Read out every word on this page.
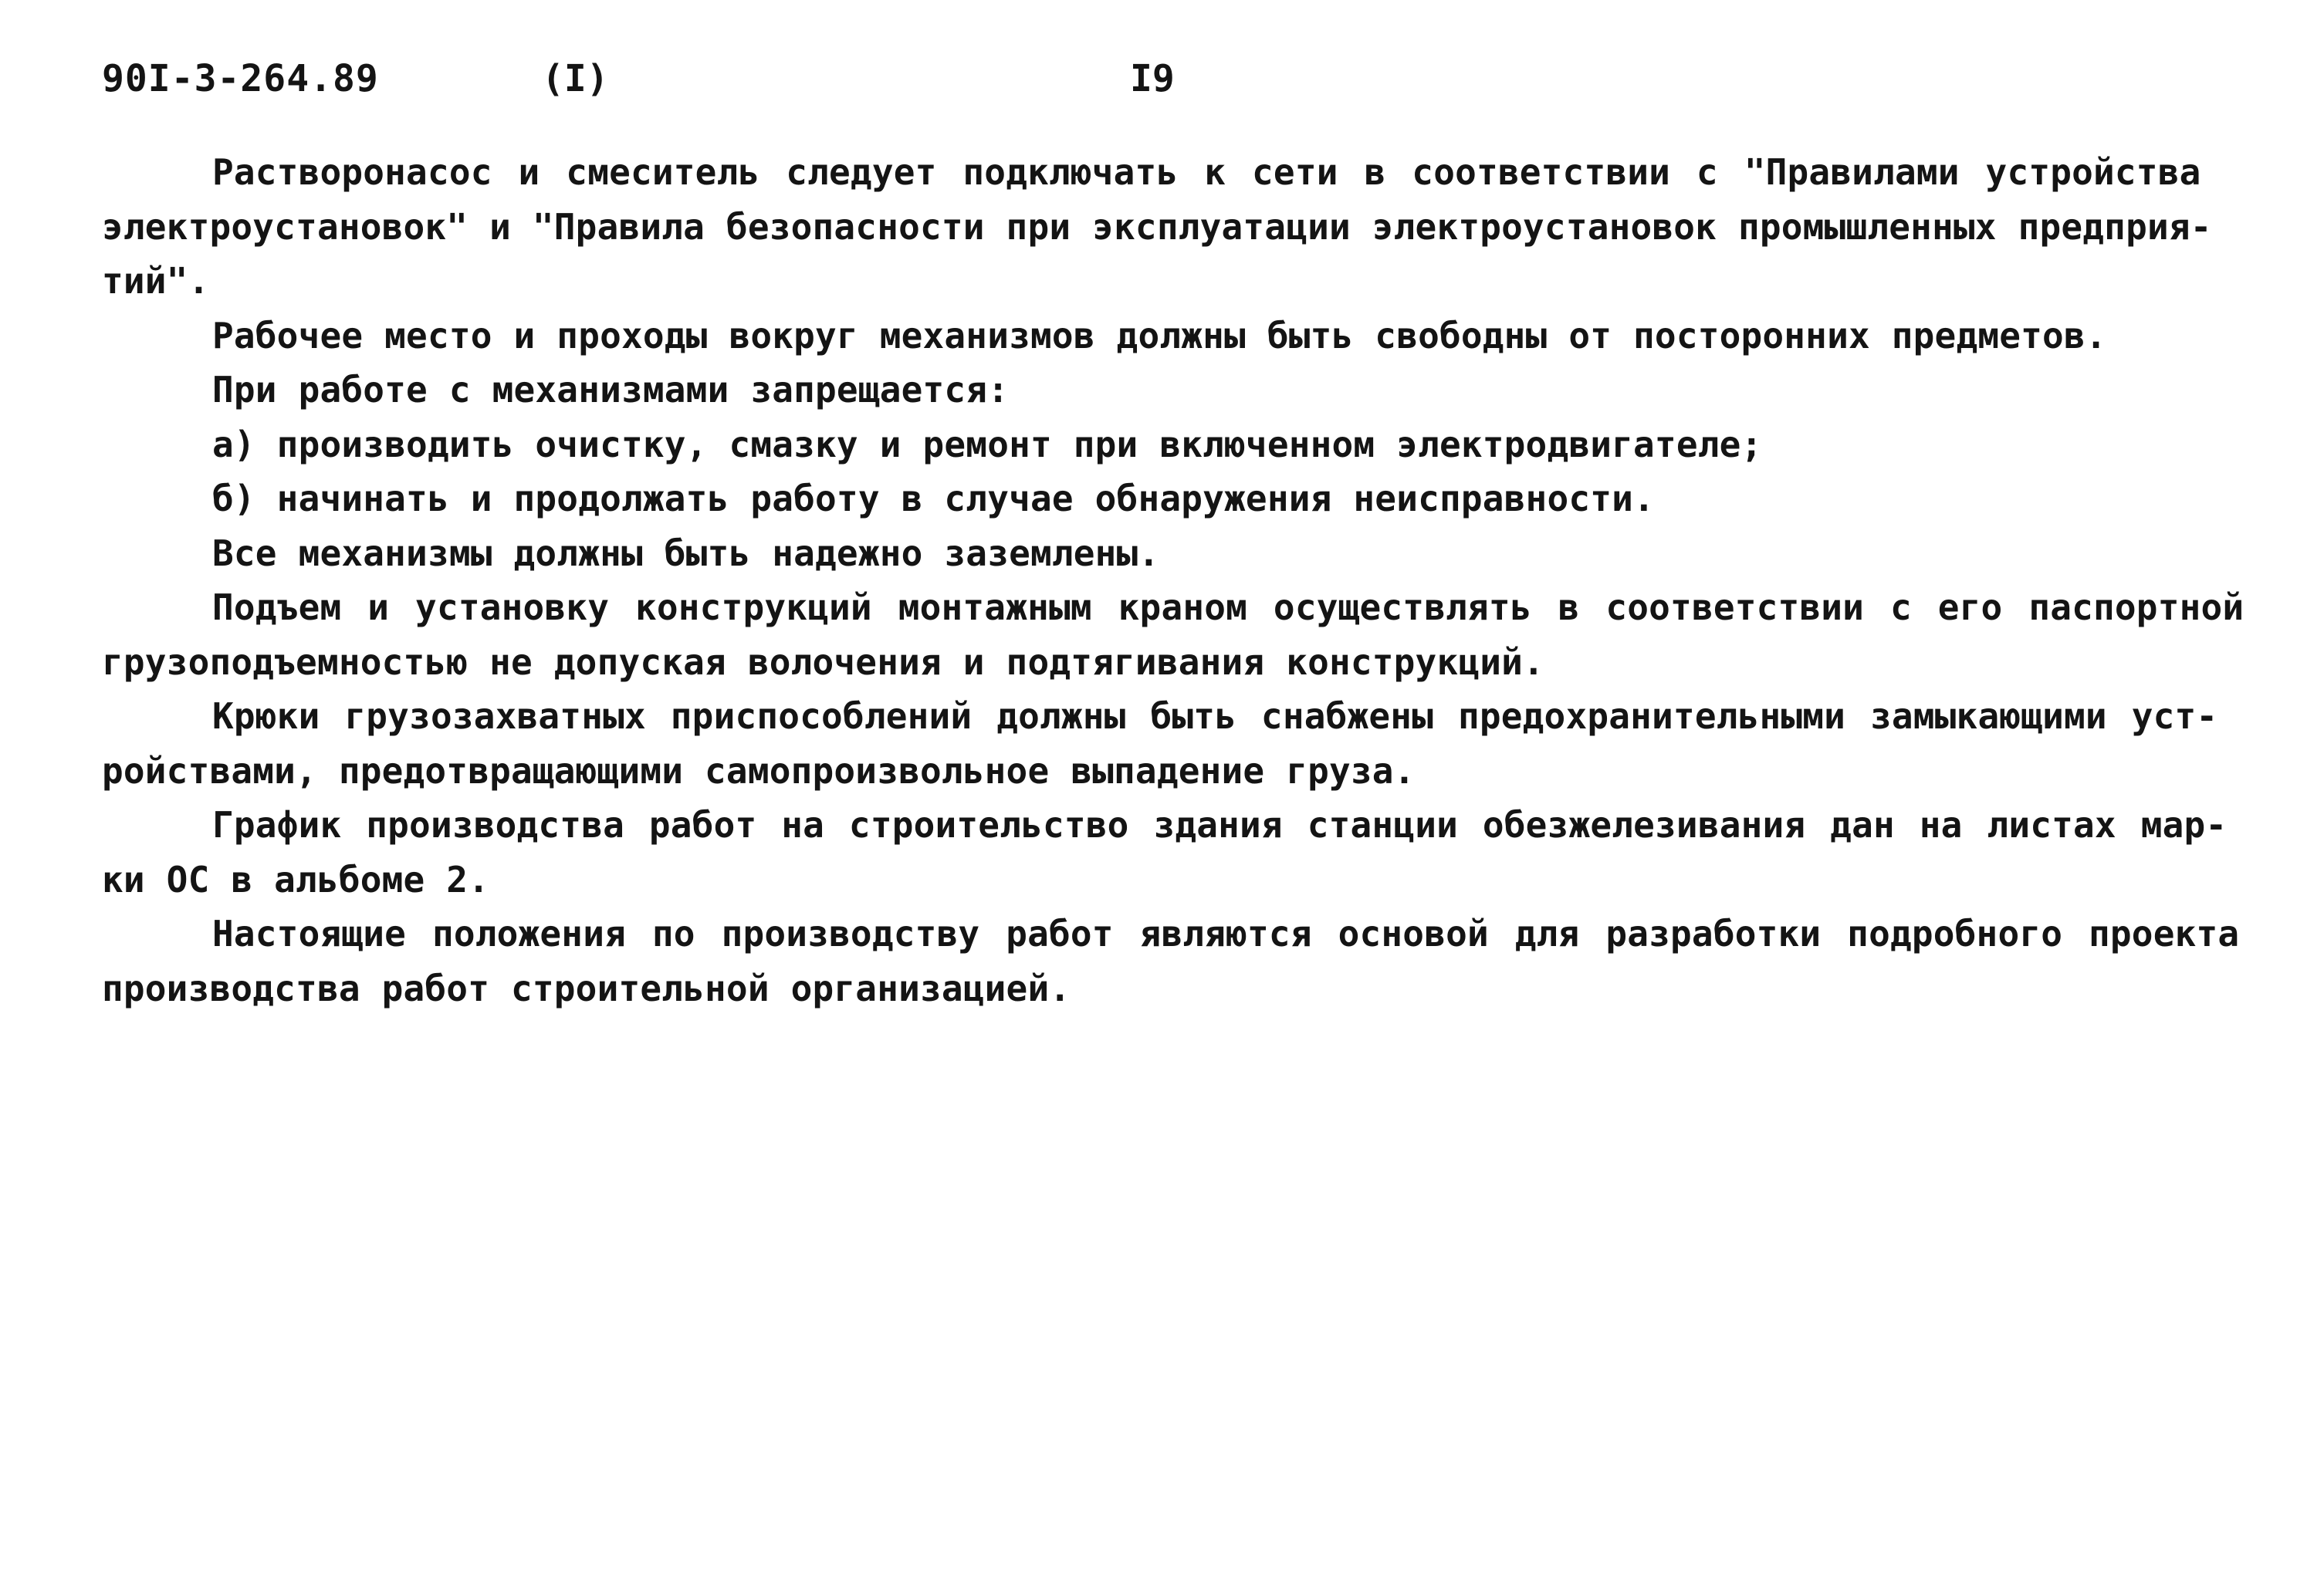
90I-3-264.89	(I)	I9
Растворонасос и смеситель следует подключать к сети в соответствии с "Правилами устройства
электроустановок" и "Правила безопасности при эксплуатации электроустановок промышленных предприя-
тий".
Рабочее место и проходы вокруг механизмов должны быть свободны от посторонних предметов.
При работе с механизмами запрещается:
а) производить очистку, смазку и ремонт при включенном электродвигателе;
б) начинать и продолжать работу в случае обнаружения неисправности.
Все механизмы должны быть надежно заземлены.
Подъем и установку конструкций монтажным краном осуществлять в соответствии с его паспортной
грузоподъемностью не допуская волочения и подтягивания конструкций.
Крюки грузозахватных приспособлений должны быть снабжены предохранительными замыкающими уст-
ройствами, предотвращающими самопроизвольное выпадение груза.
График производства работ на строительство здания станции обезжелезивания дан на листах мар-
ки ОС в альбоме 2.
Настоящие положения по производству работ являются основой для разработки подробного проекта
производства работ строительной организацией.
